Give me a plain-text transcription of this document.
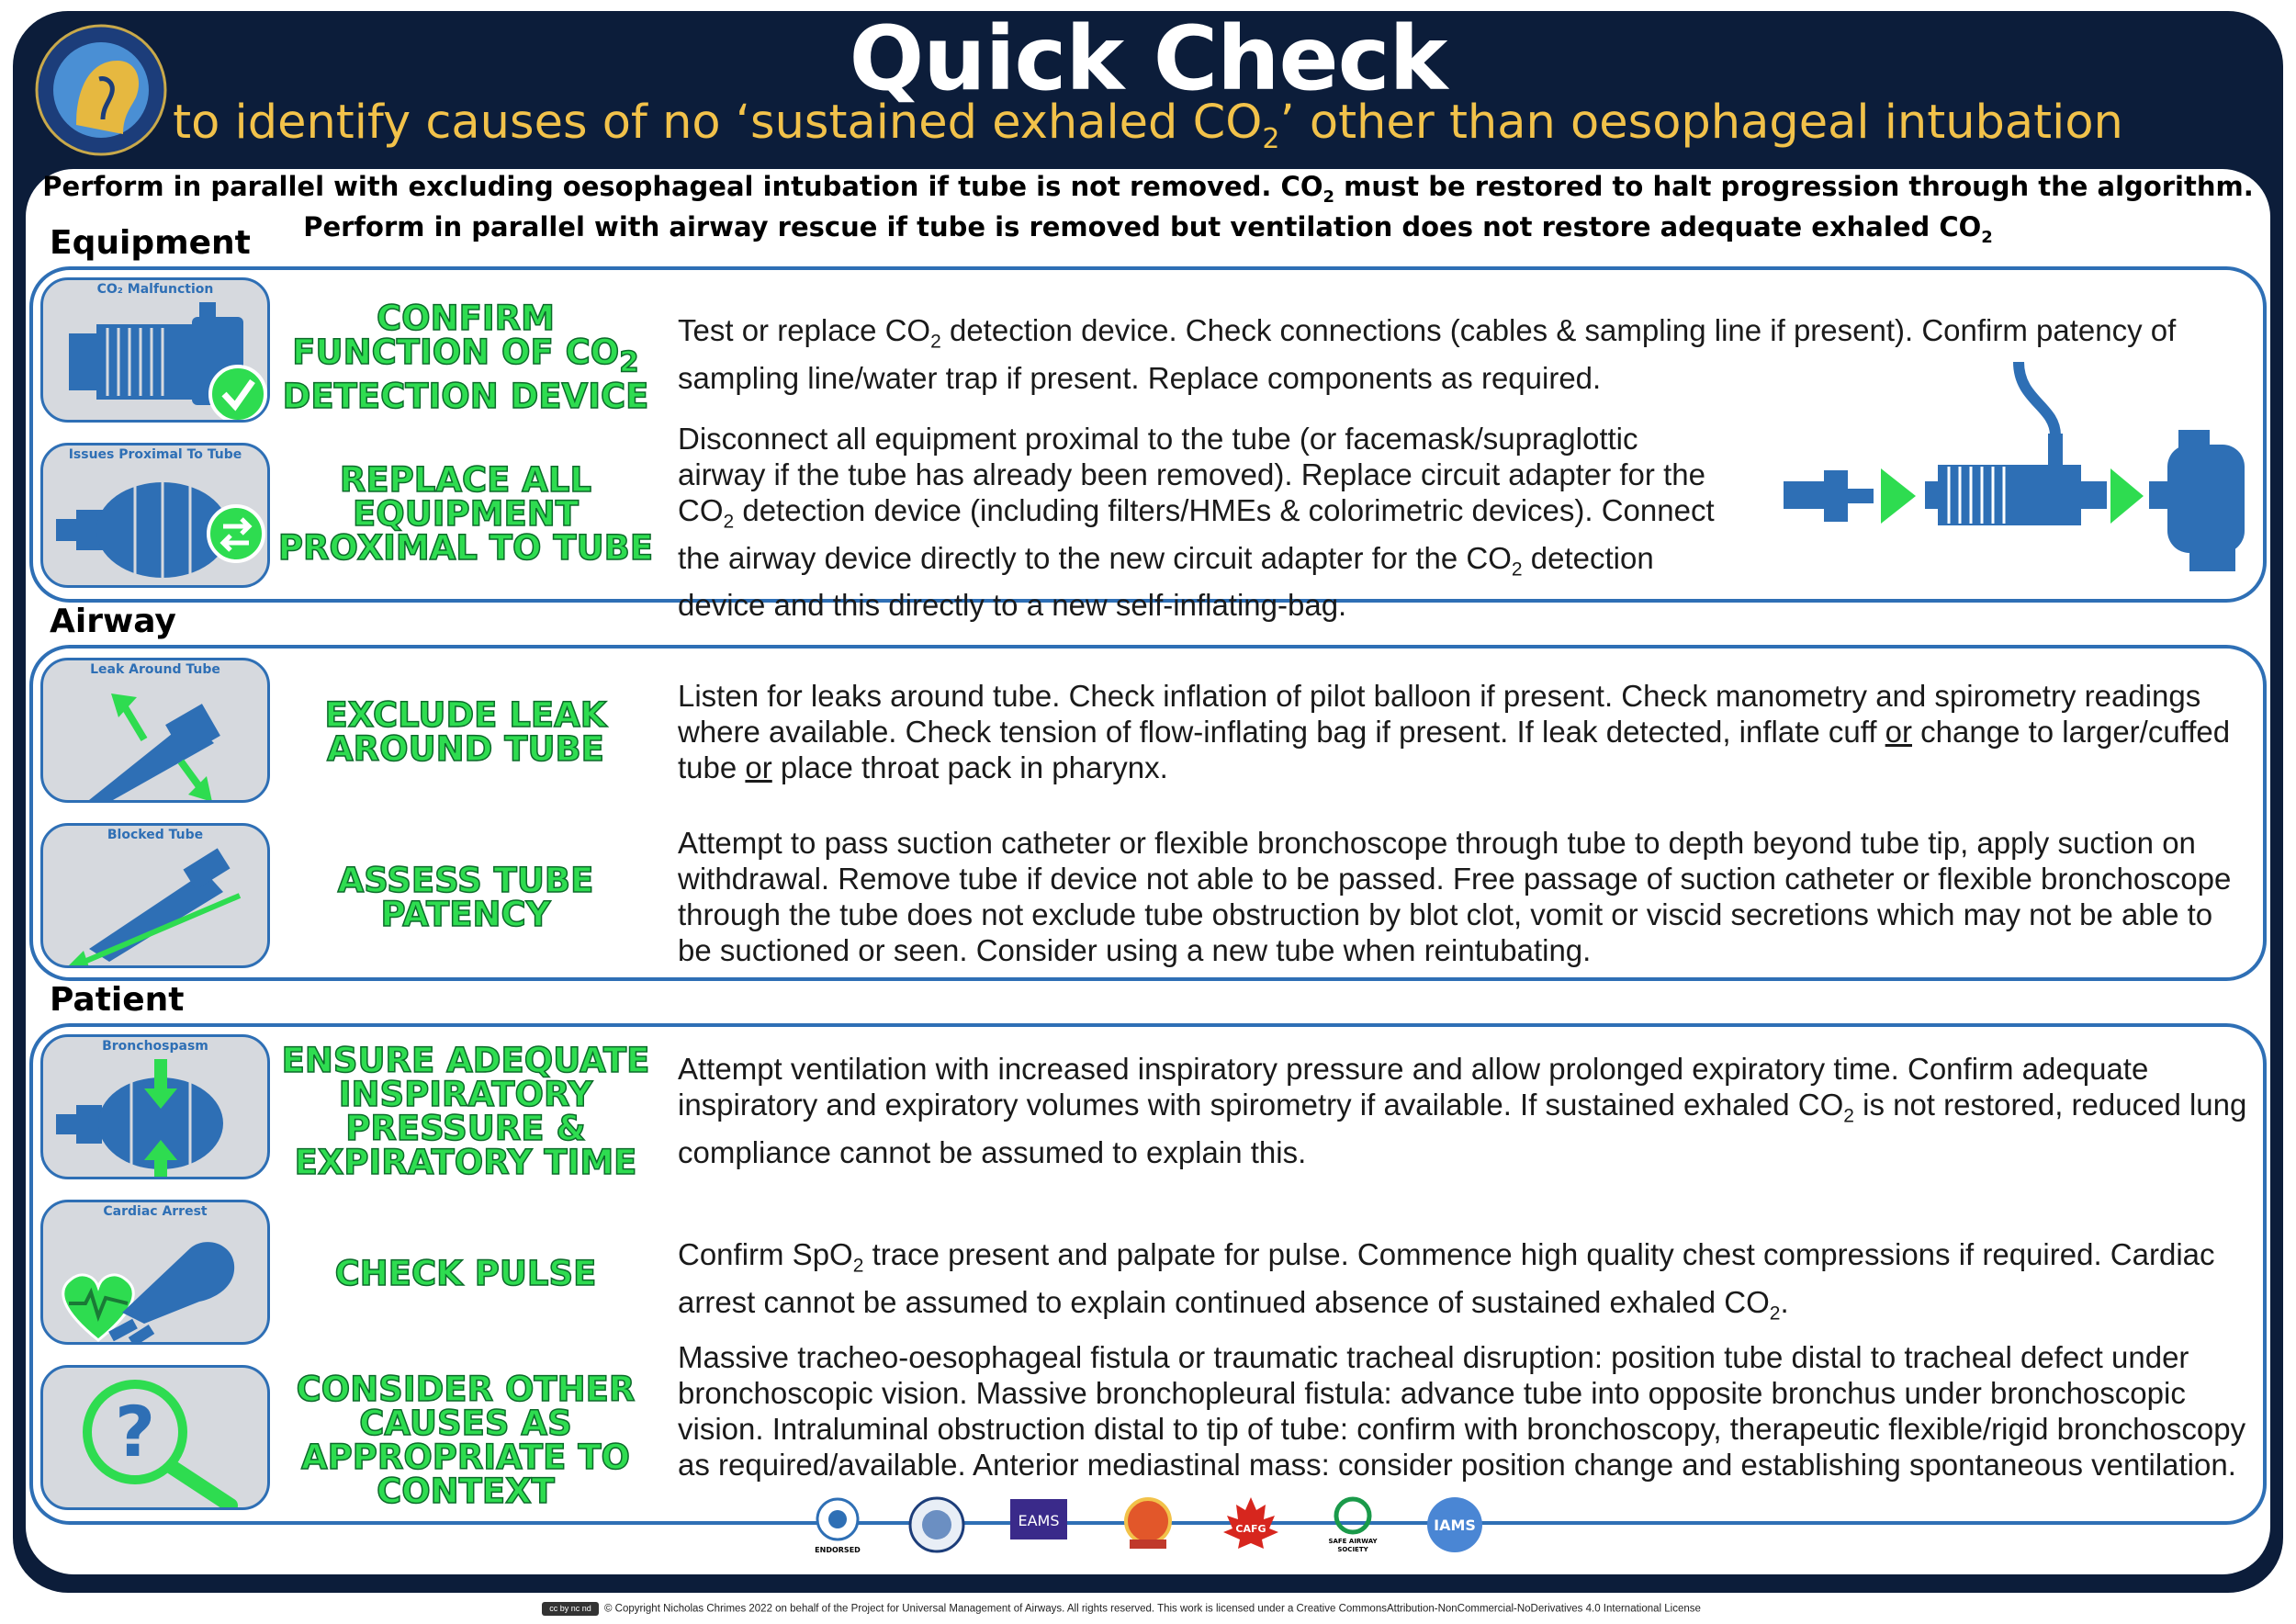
Quick Check
to identify causes of no ‘sustained exhaled $CO_2$’ other than oesophageal intubation
Perform in parallel with excluding oesophageal intubation if tube is not removed. $CO_2$ must be restored to halt progression through the algorithm.
Perform in parallel with airway rescue if tube is removed but ventilation does not restore adequate exhaled $CO_2$
Equipment
CO₂ Malfunction
CONFIRM FUNCTION OF $CO_2$ DETECTION DEVICE
Test or replace $CO_2$ detection device. Check connections (cables & sampling line if present). Confirm patency of sampling line/water trap if present. Replace components as required.
Issues Proximal To Tube
REPLACE ALL EQUIPMENT PROXIMAL TO TUBE
Disconnect all equipment proximal to the tube (or facemask/supraglottic airway if the tube has already been removed). Replace circuit adapter for the $CO_2$ detection device (including filters/HMEs & colorimetric devices). Connect the airway device directly to the new circuit adapter for the $CO_2$ detection device and this directly to a new self-inflating-bag.
Airway
Leak Around Tube
EXCLUDE LEAK AROUND TUBE
Listen for leaks around tube. Check inflation of pilot balloon if present. Check manometry and spirometry readings where available. Check tension of flow-inflating bag if present. If leak detected, inflate cuff or change to larger/cuffed tube or place throat pack in pharynx.
Blocked Tube
ASSESS TUBE PATENCY
Attempt to pass suction catheter or flexible bronchoscope through tube to depth beyond tube tip, apply suction on withdrawal. Remove tube if device not able to be passed. Free passage of suction catheter or flexible bronchoscope through the tube does not exclude tube obstruction by blot clot, vomit or viscid secretions which may not be able to be suctioned or seen. Consider using a new tube when reintubating.
Patient
Bronchospasm	ENSURE ADEQUATE INSPIRATORY PRESSURE & EXPIRATORY TIME
Attempt ventilation with increased inspiratory pressure and allow prolonged expiratory time. Confirm adequate inspiratory and expiratory volumes with spirometry if available. If sustained exhaled $CO_2$ is not restored, reduced lung compliance cannot be assumed to explain this.
Cardiac Arrest
CHECK PULSE	Confirm SpO$_2$ trace present and palpate for pulse. Commence high quality chest compressions if required. Cardiac arrest cannot be assumed to explain continued absence of sustained exhaled $CO_2$.
?
CONSIDER OTHER CAUSES AS APPROPRIATE TO CONTEXT
Massive tracheo-oesophageal fistula or traumatic tracheal disruption: position tube distal to tracheal defect under bronchoscopic vision. Massive bronchopleural fistula: advance tube into opposite bronchus under bronchoscopic vision. Intraluminal obstruction distal to tip of tube: confirm with bronchoscopy, therapeutic flexible/rigid bronchoscopy as required/available. Anterior mediastinal mass: consider position change and establishing spontaneous ventilation.
ENDORSED
EAMS	CAFG
SAFE AIRWAY
SOCIETY
IAMS
cc by nc nd © Copyright Nicholas Chrimes 2022 on behalf of the Project for Universal Management of Airways. All rights reserved. This work is licensed under a Creative CommonsAttribution-NonCommercial-NoDerivatives 4.0 International License
